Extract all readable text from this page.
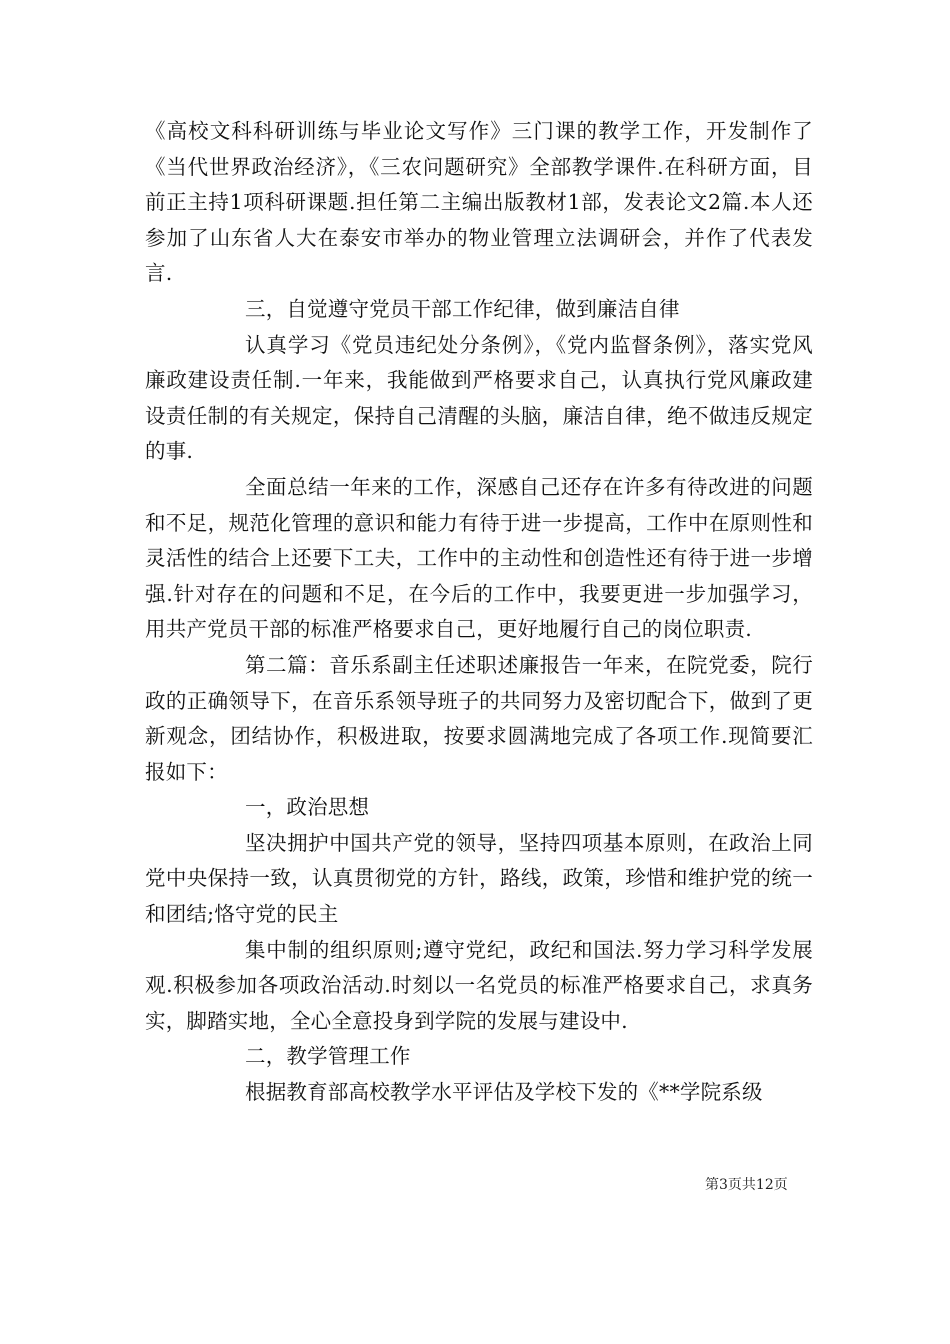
《高校文科科研训练与毕业论文写作》三门课的教学工作，开发制作了《当代世界政治经济》，《三农问题研究》全部教学课件.在科研方面，目前正主持1项科研课题.担任第二主编出版教材1部，发表论文2篇.本人还参加了山东省人大在泰安市举办的物业管理立法调研会，并作了代表发言.

三，自觉遵守党员干部工作纪律，做到廉洁自律

认真学习《党员违纪处分条例》，《党内监督条例》，落实党风廉政建设责任制.一年来，我能做到严格要求自己，认真执行党风廉政建设责任制的有关规定，保持自己清醒的头脑，廉洁自律，绝不做违反规定的事.

全面总结一年来的工作，深感自己还存在许多有待改进的问题和不足，规范化管理的意识和能力有待于进一步提高，工作中在原则性和灵活性的结合上还要下工夫，工作中的主动性和创造性还有待于进一步增强.针对存在的问题和不足，在今后的工作中，我要更进一步加强学习，用共产党员干部的标准严格要求自己，更好地履行自己的岗位职责.

第二篇：音乐系副主任述职述廉报告一年来，在院党委，院行政的正确领导下，在音乐系领导班子的共同努力及密切配合下，做到了更新观念，团结协作，积极进取，按要求圆满地完成了各项工作.现简要汇报如下：

一，政治思想

坚决拥护中国共产党的领导，坚持四项基本原则，在政治上同党中央保持一致，认真贯彻党的方针，路线，政策，珍惜和维护党的统一和团结;恪守党的民主

集中制的组织原则;遵守党纪，政纪和国法.努力学习科学发展观.积极参加各项政治活动.时刻以一名党员的标准严格要求自己，求真务实，脚踏实地，全心全意投身到学院的发展与建设中.

二，教学管理工作

根据教育部高校教学水平评估及学校下发的《**学院系级

第3页共12页
